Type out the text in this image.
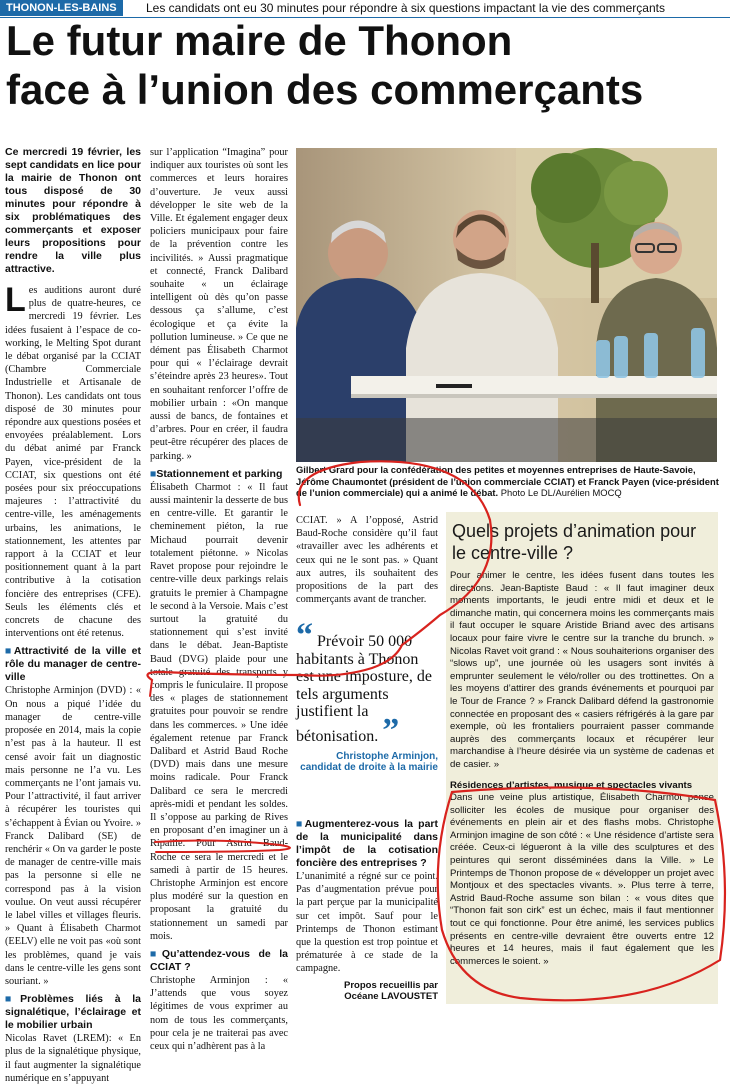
THONON-LES-BAINS	Les candidats ont eu 30 minutes pour répondre à six questions impactant la vie des commerçants
Le futur maire de Thonon
face à l’union des commerçants

Ce mercredi 19 février, les sept candidats en lice pour la mairie de Thonon ont tous disposé de 30 minutes pour répondre à six problématiques des commerçants et exposer leurs propositions pour rendre la ville plus attractive.

Les auditions auront duré plus de quatre-heures, ce mercredi 19 février. Les idées fusaient à l’espace de co-working, le Melting Spot durant le débat organisé par la CCIAT (Chambre Commerciale Industrielle et Artisanale de Thonon). Les candidats ont tous disposé de 30 minutes pour répondre aux questions posées et envoyées préalablement. Lors du débat animé par Franck Payen, vice-président de la CCIAT, six questions ont été posées pour six préoccupations majeures : l’attractivité du centre-ville, les aménagements urbains, les animations, le stationnement, les attentes par rapport à la CCIAT et leur positionnement quant à la part contributive à la cotisation foncière des entreprises (CFE). Seuls les éléments clés et concrets de chacune des interventions ont été retenus.

■ Attractivité de la ville et rôle du manager de centre-ville

Christophe Arminjon (DVD) : « On nous a piqué l’idée du manager de centre-ville proposée en 2014, mais la copie n’est pas à la hauteur. Il est censé avoir fait un diagnostic mais personne ne l’a vu. Les commerçants ne l’ont jamais vu. Pour l’attractivité, il faut arriver à récupérer les touristes qui s’échappent à Évian ou Yvoire. » Franck Dalibard (SE) de renchérir « On va garder le poste de manager de centre-ville mais pas la personne si elle ne correspond pas à la vision voulue. On veut aussi récupérer le label villes et villages fleuris. » Quant à Élisabeth Charmot (EELV) elle ne voit pas «où sont les problèmes, quand je vais dans le centre-ville les gens sont souriant. »

■ Problèmes liés à la signalétique, l’éclairage et le mobilier urbain

Nicolas Ravet (LREM): « En plus de la signalétique physique, il faut augmenter la signalétique numérique en s’appuyant

sur l’application “Imagina” pour indiquer aux touristes où sont les commerces et leurs horaires d’ouverture. Je veux aussi développer le site web de la Ville. Et également engager deux policiers municipaux pour faire de la prévention contre les incivilités. » Aussi pragmatique et connecté, Franck Dalibard souhaite « un éclairage intelligent où dès qu’on passe dessous ça s’allume, c’est écologique et ça évite la pollution lumineuse. » Ce que ne dément pas Élisabeth Charmot pour qui « l’éclairage devrait s’éteindre après 23 heures». Tout en souhaitant renforcer l’offre de mobilier urbain : «On manque aussi de bancs, de fontaines et d’arbres. Pour en créer, il faudra peut-être récupérer des places de parking. »

■ Stationnement et parking

Élisabeth Charmot : « Il faut aussi maintenir la desserte de bus en centre-ville. Et garantir le cheminement piéton, la rue Michaud pourrait devenir totalement piétonne. » Nicolas Ravet propose pour rejoindre le centre-ville deux parkings relais gratuits le premier à Champagne le second à la Versoie. Mais c’est surtout la gratuité du stationnement qui s’est invité dans le débat. Jean-Baptiste Baud (DVG) plaide pour une totale gratuité des transports y compris le funiculaire. Il propose des « plages de stationnement gratuites pour pouvoir se rendre dans les commerces. » Une idée également retenue par Franck Dalibard et Astrid Baud Roche (DVD) mais dans une mesure moins radicale. Pour Franck Dalibard ce sera le mercredi après-midi et pendant les soldes. Il s’oppose au parking de Rives en proposant d’en imaginer un à Ripaille. Pour Astrid Baud-Roche ce sera le mercredi et le samedi à partir de 15 heures. Christophe Arminjon est encore plus modéré sur la question en proposant la gratuité du stationnement un samedi par mois.

■ Qu’attendez-vous de la CCIAT ?

Christophe Arminjon : « J’attends que vous soyez légitimes de vous exprimer au nom de tous les commerçants, pour cela je ne traiterai pas avec ceux qui n’adhèrent pas à la

Gilbert Grard pour la confédération des petites et moyennes entreprises de Haute-Savoie, Jérôme Chaumontet (président de l’union commerciale CCIAT) et Franck Payen (vice-président de l’union commerciale) qui a animé le débat. Photo Le DL/Aurélien MOCQ

CCIAT. » A l’opposé, Astrid Baud-Roche considère qu’il faut «travailler avec les adhérents et ceux qui ne le sont pas. » Quant aux autres, ils souhaitent des propositions de la part des commerçants avant de trancher.

“ Prévoir 50 000 habitants à Thonon est une imposture, de tels arguments justifient la bétonisation. ”
Christophe Arminjon, candidat de droite à la mairie

■ Augmenterez-vous la part de la municipalité dans l’impôt de la cotisation foncière des entreprises ?

L’unanimité a régné sur ce point. Pas d’augmentation prévue pour la part perçue par la municipalité sur cet impôt. Sauf pour le Printemps de Thonon estimant que la question est trop pointue et prématurée à ce stade de la campagne.

Propos recueillis par

Océane LAVOUSTET

Quels projets d’animation pour le centre-ville ?

Pour animer le centre, les idées fusent dans toutes les directions. Jean-Baptiste Baud : « Il faut imaginer deux moments importants, le jeudi entre midi et deux et le dimanche matin, qui concernera moins les commerçants mais il faut occuper le square Aristide Briand avec des artisans locaux pour faire vivre le centre sur la tranche du brunch. » Nicolas Ravet voit grand : « Nous souhaiterions organiser des “slows up”, une journée où les usagers sont invités à emprunter seulement le vélo/roller ou des trottinettes. On a les moyens d’attirer des grands événements et pourquoi par le Tour de France ? » Franck Dalibard défend la gastronomie connectée en proposant des « casiers réfrigérés à la gare par exemple, où les frontaliers pourraient passer commande auprès des commerçants locaux et récupérer leur marchandise à l’heure désirée via un système de cadenas et de casier. »

Résidences d’artistes, musique et spectacles vivants

Dans une veine plus artistique, Élisabeth Charmot pense solliciter les écoles de musique pour organiser des événements en plein air et des flashs mobs. Christophe Arminjon imagine de son côté : « Une résidence d’artiste sera créée. Ceux-ci légueront à la ville des sculptures et des peintures qui seront disséminées dans la Ville. » Le Printemps de Thonon propose de « développer un projet avec Montjoux et des spectacles vivants. ». Plus terre à terre, Astrid Baud-Roche assume son bilan : « vous dites que “Thonon fait son cirk” est un échec, mais il faut mentionner tout ce qui fonctionne. Pour être animé, les services publics présents en centre-ville devraient être ouverts entre 12 heures et 14 heures, mais il faut également que les commerces le soient. »
